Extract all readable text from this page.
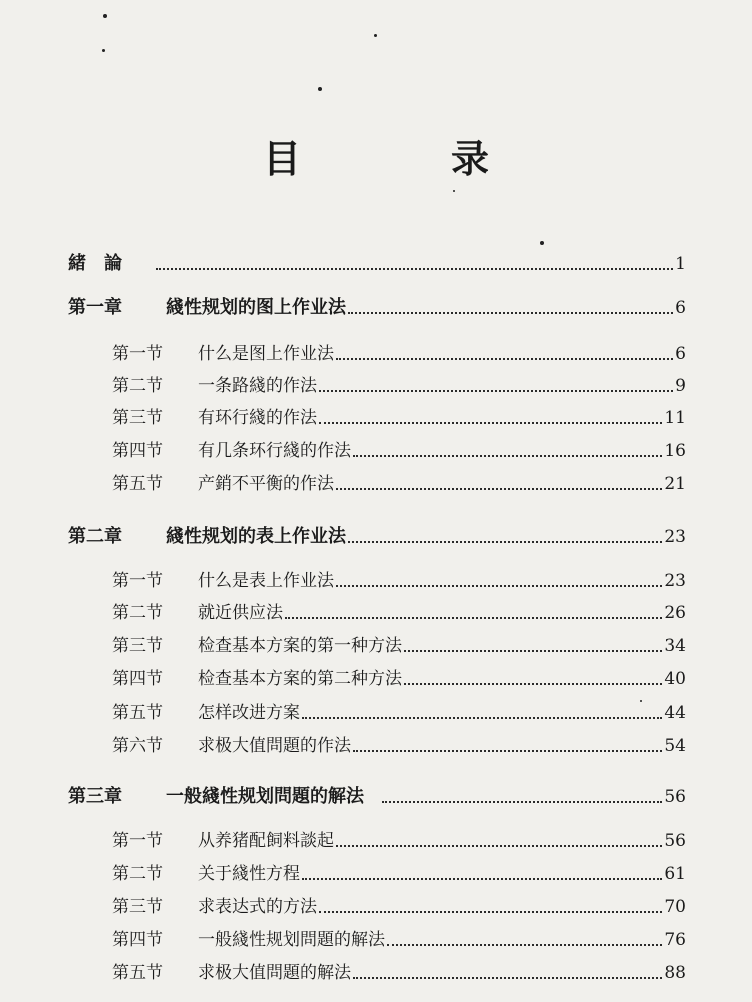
目　录
緒　論	1
第一章	綫性规划的图上作业法	6
第一节	什么是图上作业法	6
第二节	一条路綫的作法	9
第三节	有环行綫的作法	11
第四节	有几条环行綫的作法	16
第五节	产銷不平衡的作法	21
第二章	綫性规划的表上作业法	23
第一节	什么是表上作业法	23
第二节	就近供应法	26
第三节	检查基本方案的第一种方法	34
第四节	检查基本方案的第二种方法	40
第五节	怎样改进方案	44
第六节	求极大值問題的作法	54
第三章	一般綫性规划問題的解法	56
第一节	从养猪配飼料談起	56
第二节	关于綫性方程	61
第三节	求表达式的方法	70
第四节	一般綫性规划問題的解法	76
第五节	求极大值問題的解法	88
